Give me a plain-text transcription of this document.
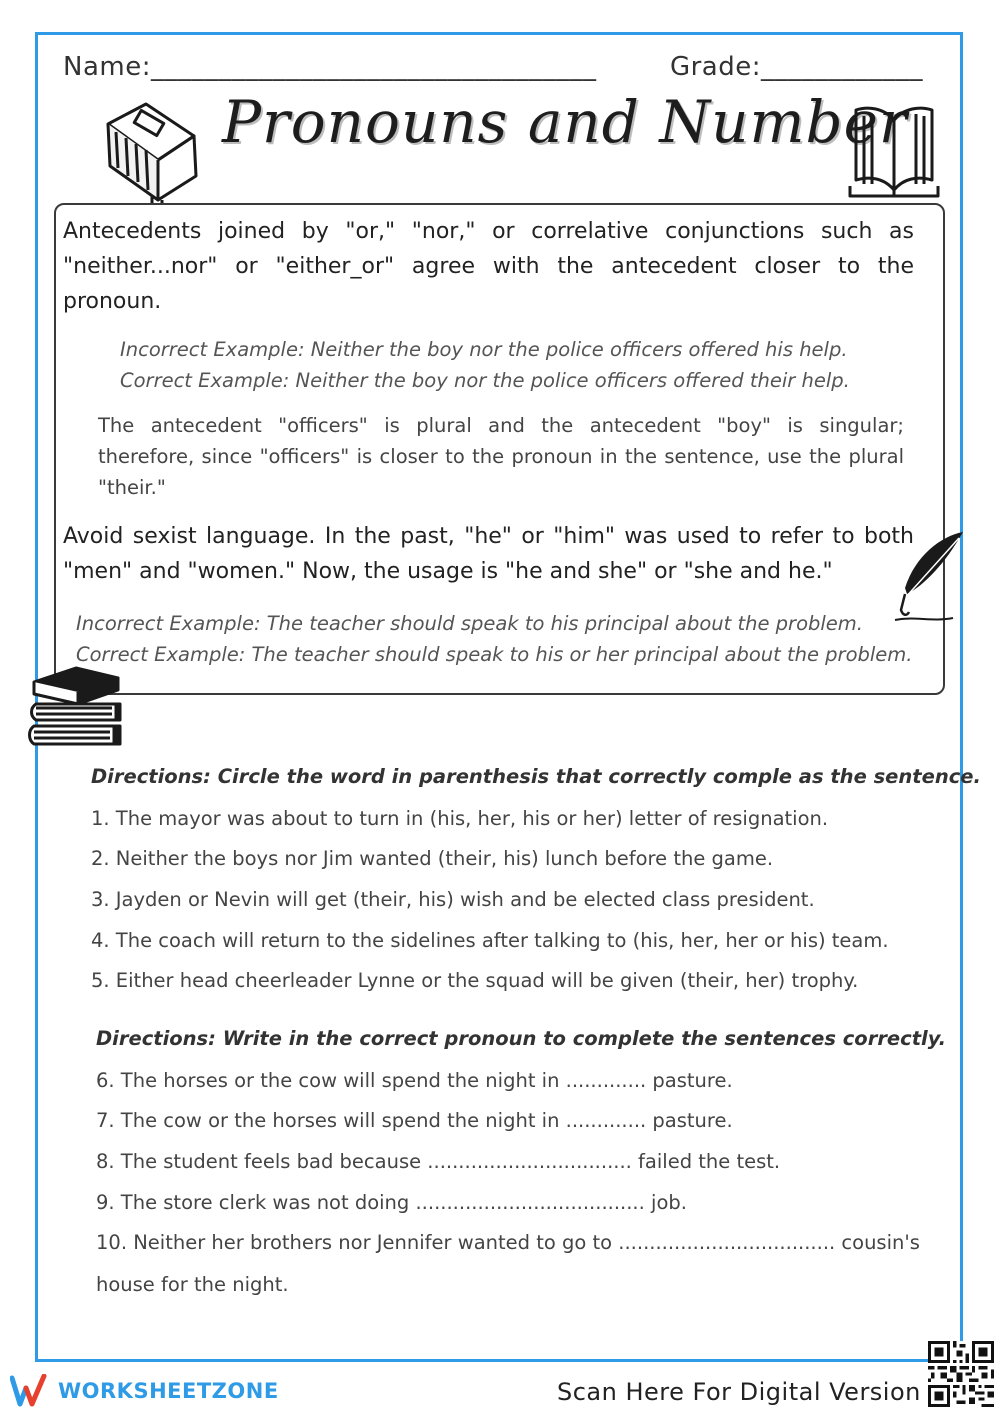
Name:_________________________________	Grade:____________
Pronouns and Number
Antecedents joined by "or," "nor," or correlative conjunctions such as "neither...nor" or "either_or" agree with the antecedent closer to the pronoun.
Incorrect Example: Neither the boy nor the police officers offered his help.
Correct Example: Neither the boy nor the police officers offered their help.
The antecedent "officers" is plural and the antecedent "boy" is singular; therefore, since "officers" is closer to the pronoun in the sentence, use the plural "their."
Avoid sexist language. In the past, "he" or "him" was used to refer to both "men" and "women." Now, the usage is "he and she" or "she and he."
Incorrect Example: The teacher should speak to his principal about the problem.
Correct Example: The teacher should speak to his or her principal about the problem.
Directions: Circle the word in parenthesis that correctly comple as the sentence.
1. The mayor was about to turn in (his, her, his or her) letter of resignation.
2. Neither the boys nor Jim wanted (their, his) lunch before the game.
3. Jayden or Nevin will get (their, his) wish and be elected class president.
4. The coach will return to the sidelines after talking to (his, her, her or his) team.
5. Either head cheerleader Lynne or the squad will be given (their, her) trophy.
Directions: Write in the correct pronoun to complete the sentences correctly.
6. The horses or the cow will spend the night in ............. pasture.
7. The cow or the horses will spend the night in ............. pasture.
8. The student feels bad because ................................. failed the test.
9. The store clerk was not doing ..................................... job.
10. Neither her brothers nor Jennifer wanted to go to ................................... cousin's
house for the night.
WORKSHEETZONE	Scan Here For Digital Version
